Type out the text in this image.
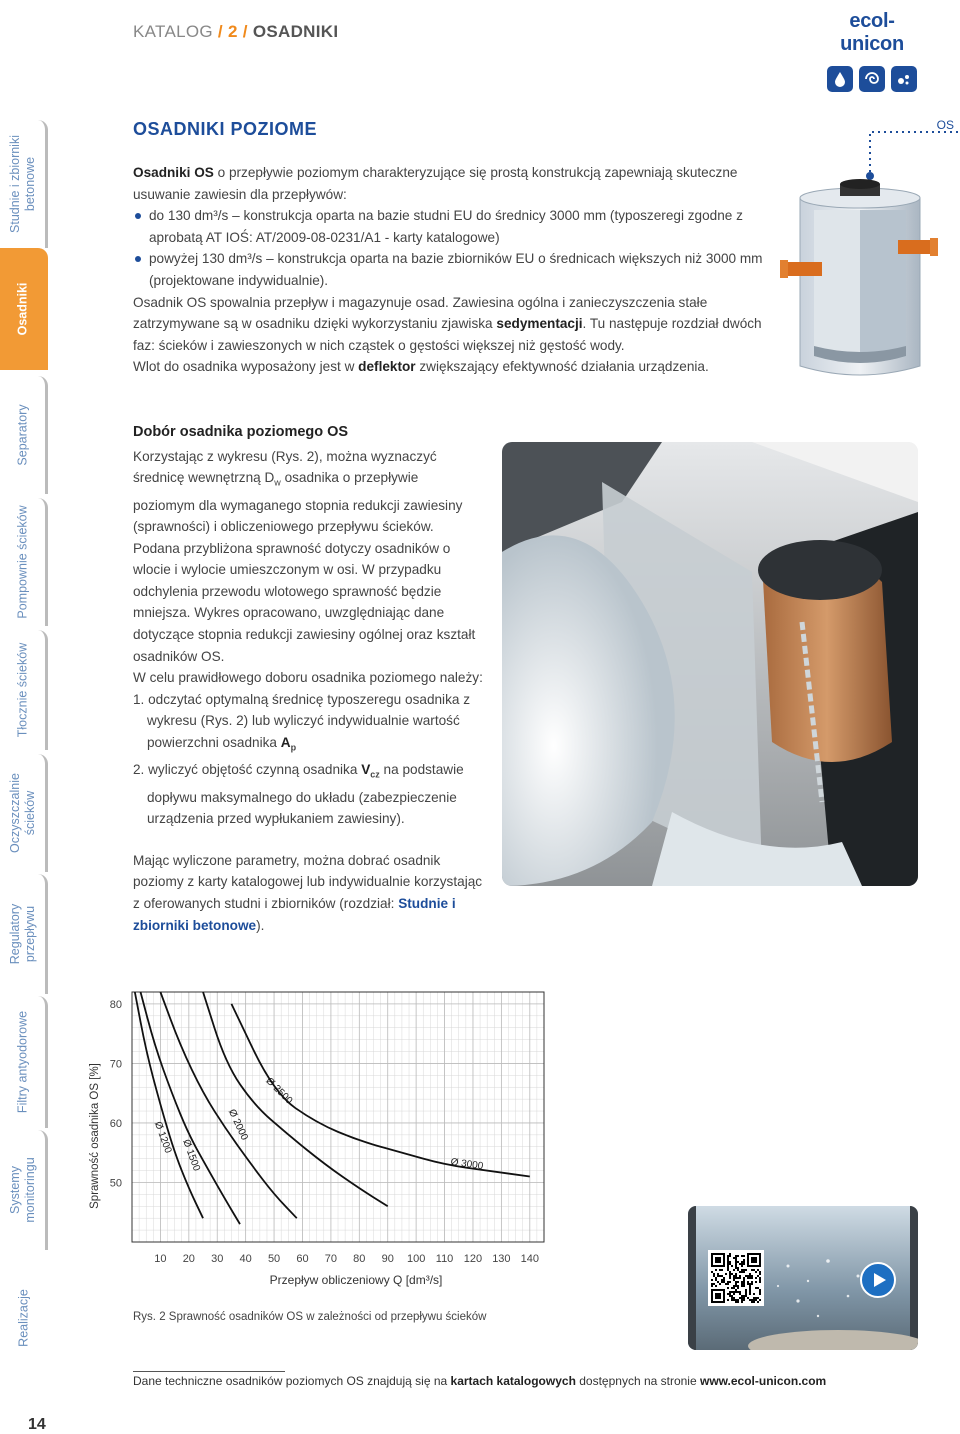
KATALOG / 2 / OSADNIKI	ecol-unicon
Studnie i zbiorniki betonowe
Osadniki
Separatory
Pompownie ścieków
Tłocznie ścieków
Oczyszczalnie ścieków
Regulatory przepływu
Filtry antyodorowe
Systemy monitoringu
Realizacje
14
OS
OSADNIKI POZIOME

Osadniki OS o przepływie poziomym charakteryzujące się prostą konstrukcją zapewniają skuteczne usuwanie zawiesin dla przepływów:

do 130 dm³/s – konstrukcja oparta na bazie studni EU do średnicy 3000 mm (typoszeregi zgodne z aprobatą AT IOŚ: AT/2009-08-0231/A1 - karty katalogowe)

powyżej 130 dm³/s – konstrukcja oparta na bazie zbiorników EU o średnicach większych niż 3000 mm (projektowane indywidualnie).

Osadnik OS spowalnia przepływ i magazynuje osad. Zawiesina ogólna i zanieczyszczenia stałe zatrzymywane są w osadniku dzięki wykorzystaniu zjawiska sedymentacji. Tu następuje rozdział dwóch faz: ścieków i zawieszonych w nich cząstek o gęstości większej niż gęstość wody.

Wlot do osadnika wyposażony jest w deflektor zwiększający efektywność działania urządzenia.

Dobór osadnika poziomego OS

Korzystając z wykresu (Rys. 2), można wyznaczyć średnicę wewnętrzną $D_w$ osadnika o przepływie poziomym dla wymaganego stopnia redukcji zawiesiny (sprawności) i obliczeniowego przepływu ścieków. Podana przybliżona sprawność dotyczy osadników o wlocie i wylocie umieszczonym w osi. W przypadku odchylenia przewodu wlotowego sprawność będzie mniejsza. Wykres opracowano, uwzględniając dane dotyczące stopnia redukcji zawiesiny ogólnej oraz kształt osadników OS.

W celu prawidłowego doboru osadnika poziomego należy:

1. odczytać optymalną średnicę typoszeregu osadnika z wykresu (Rys. 2) lub wyliczyć indywidualnie wartość powierzchni osadnika $A_p$

2. wyliczyć objętość czynną osadnika $V_{cz}$ na podstawie dopływu maksymalnego do układu (zabezpieczenie urządzenia przed wypłukaniem zawiesiny).

Mając wyliczone parametry, można dobrać osadnik poziomy z karty katalogowej lub indywidualnie korzystając z oferowanych studni i zbiorników (rozdział: Studnie i zbiorniki betonowe).

Ø 1200
Ø 1500
Ø 2000
Ø 2500
Ø 3000
10 20 30 40 50 60 70 80 90 100 110 120 130 140
50
60
70
80
Sprawność osadnika OS [%]
Przepływ obliczeniowy Q [dm³/s]
Rys. 2 Sprawność osadników OS w zależności od przepływu ścieków
Dane techniczne osadników poziomych OS znajdują się na kartach katalogowych dostępnych na stronie www.ecol-unicon.com
